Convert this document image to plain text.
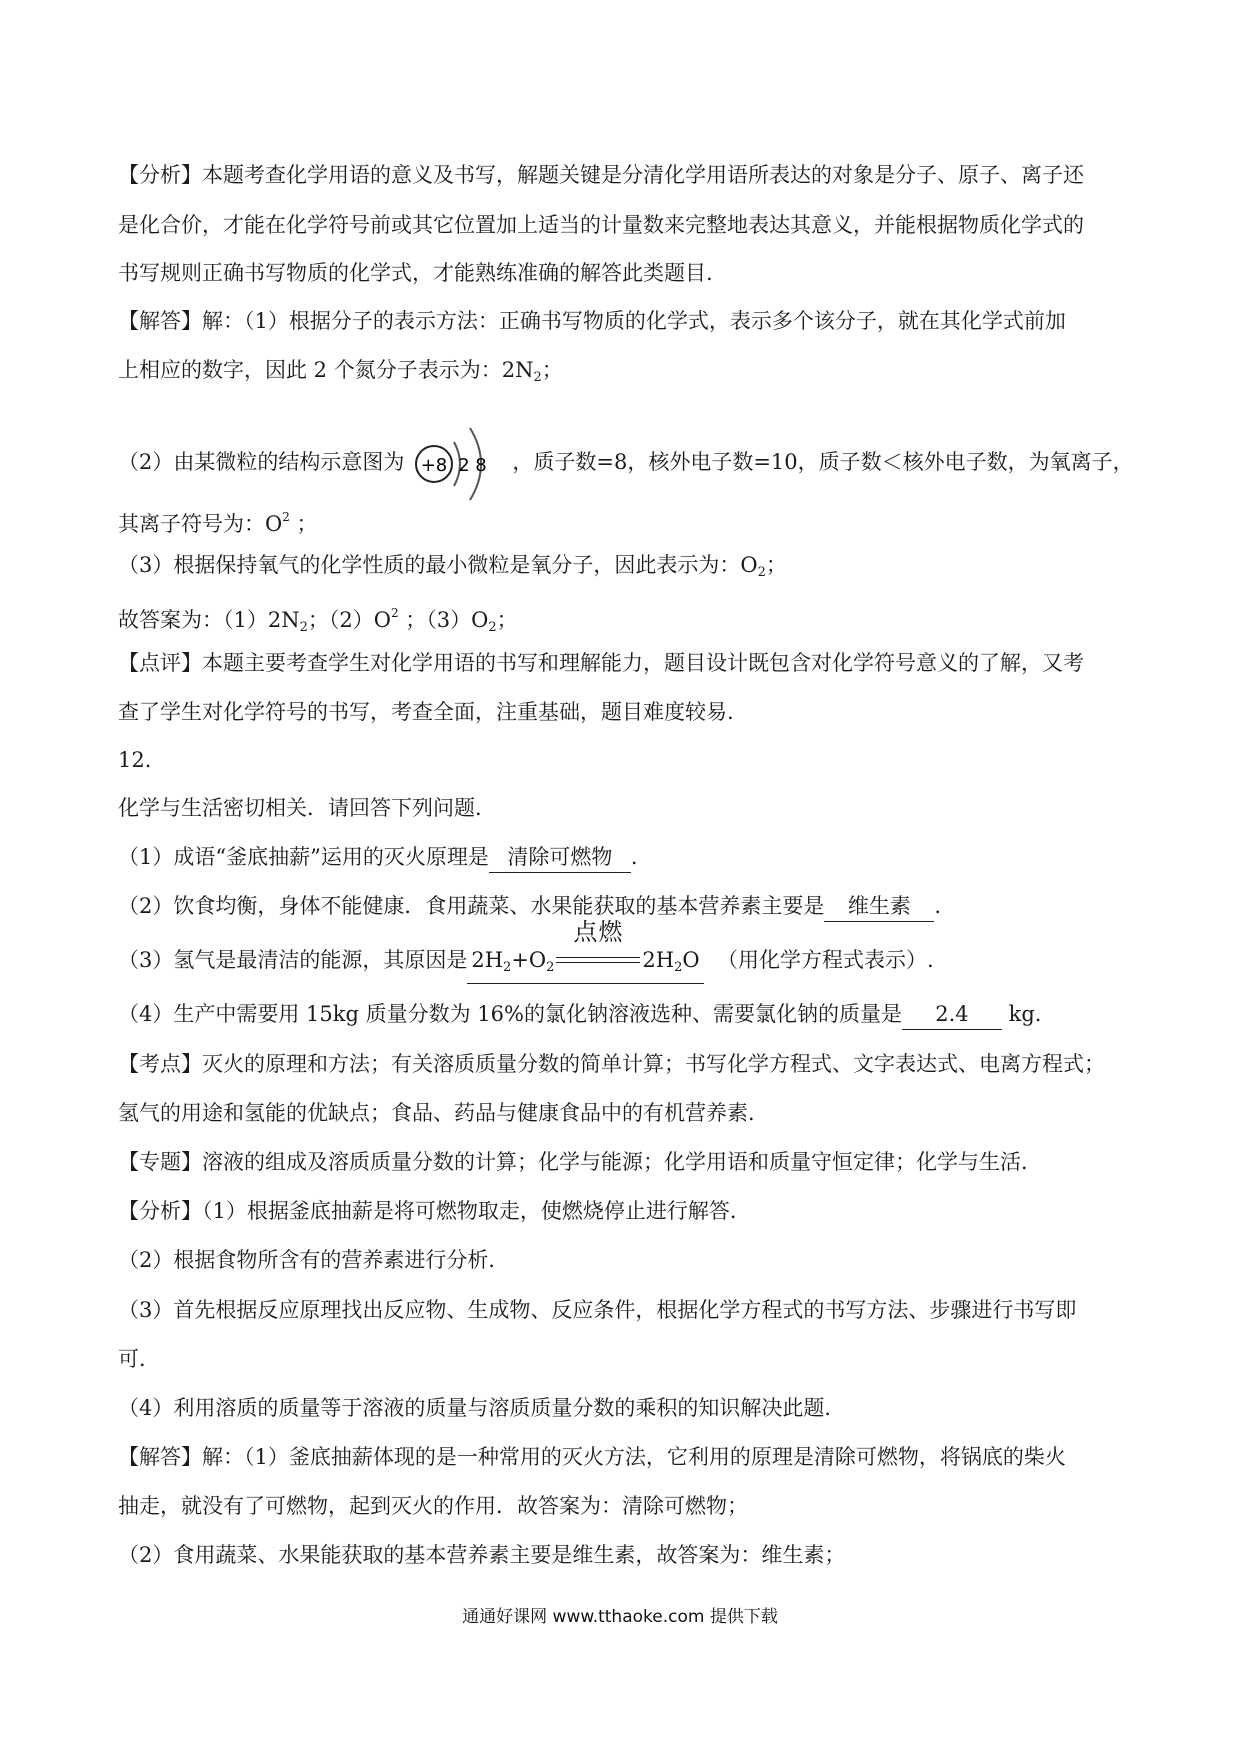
【分析】本题考查化学用语的意义及书写，解题关键是分清化学用语所表达的对象是分子、原子、离子还
是化合价，才能在化学符号前或其它位置加上适当的计量数来完整地表达其意义，并能根据物质化学式的
书写规则正确书写物质的化学式，才能熟练准确的解答此类题目.
【解答】解：（1）根据分子的表示方法：正确书写物质的化学式，表示多个该分子，就在其化学式前加
上相应的数字，因此 2 个氮分子表示为：$2N_2$；
（2）由某微粒的结构示意图为 +8 2 8 ，质子数=8，核外电子数=10，质子数＜核外电子数，为氧离子，
其离子符号为：$O^2$ ；
（3）根据保持氧气的化学性质的最小微粒是氧分子，因此表示为：$O_2$；
故答案为：$(1)2N_2$；$(2)O^2$ ；$(3)O_2$；
【点评】本题主要考查学生对化学用语的书写和理解能力，题目设计既包含对化学符号意义的了解，又考
查了学生对化学符号的书写，考查全面，注重基础，题目难度较易.
12.
化学与生活密切相关．请回答下列问题．
（1）成语“釜底抽薪”运用的灭火原理是 清除可燃物 .
（2）饮食均衡，身体不能健康．食用蔬菜、水果能获取的基本营养素主要是 维生素 .
（3）氢气是最清洁的能源，其原因是 $2H_2+O_2$
点燃
$2H_2O$ （用化学方程式表示）.
（4）生产中需要用 15kg 质量分数为 16%的氯化钠溶液选种、需要氯化钠的质量是 2.4 kg.
【考点】灭火的原理和方法；有关溶质质量分数的简单计算；书写化学方程式、文字表达式、电离方程式；
氢气的用途和氢能的优缺点；食品、药品与健康食品中的有机营养素．
【专题】溶液的组成及溶质质量分数的计算；化学与能源；化学用语和质量守恒定律；化学与生活．
【分析】（1）根据釜底抽薪是将可燃物取走，使燃烧停止进行解答．
（2）根据食物所含有的营养素进行分析．
（3）首先根据反应原理找出反应物、生成物、反应条件，根据化学方程式的书写方法、步骤进行书写即
可．
（4）利用溶质的质量等于溶液的质量与溶质质量分数的乘积的知识解决此题．
【解答】解：（1）釜底抽薪体现的是一种常用的灭火方法，它利用的原理是清除可燃物，将锅底的柴火
抽走，就没有了可燃物，起到灭火的作用．故答案为：清除可燃物；
（2）食用蔬菜、水果能获取的基本营养素主要是维生素，故答案为：维生素；
通通好课网 www.tthaoke.com 提供下载
